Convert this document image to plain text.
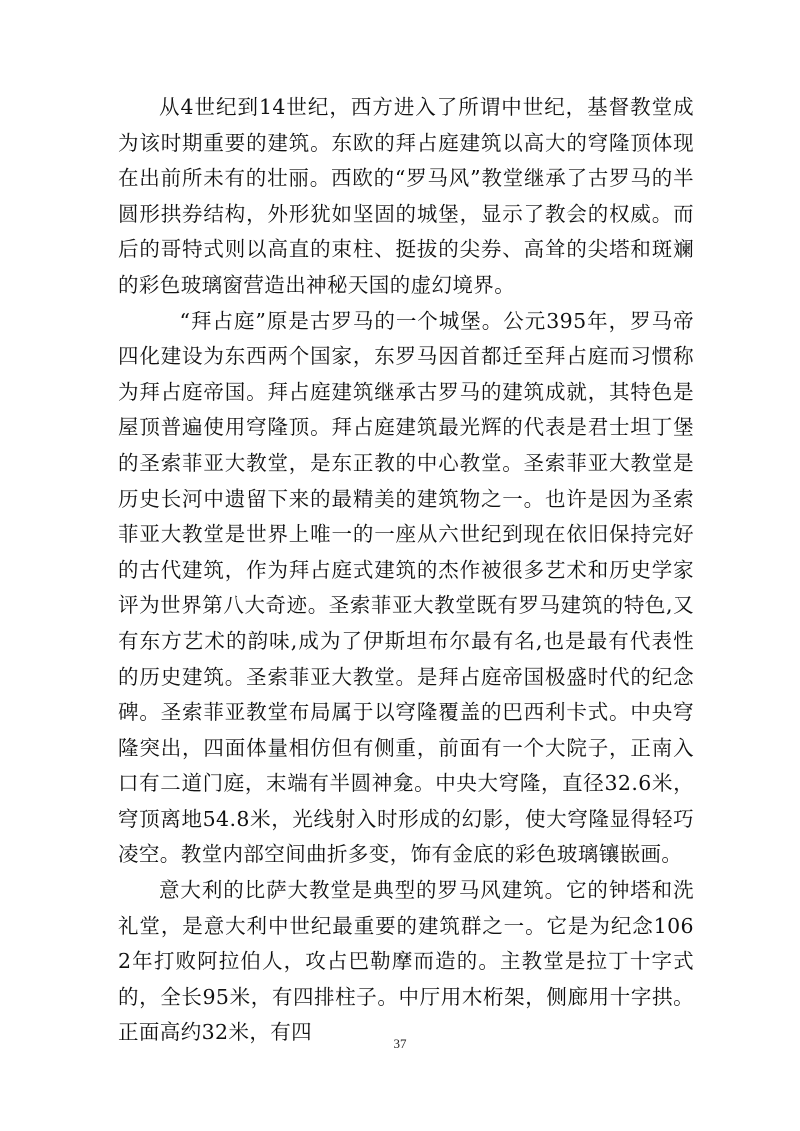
从4世纪到14世纪，西方进入了所谓中世纪，基督教堂成为该时期重要的建筑。东欧的拜占庭建筑以高大的穹隆顶体现在出前所未有的壮丽。西欧的“罗马风”教堂继承了古罗马的半圆形拱券结构，外形犹如坚固的城堡，显示了教会的权威。而后的哥特式则以高直的束柱、挺拔的尖券、高耸的尖塔和斑斓的彩色玻璃窗营造出神秘天国的虚幻境界。

“拜占庭”原是古罗马的一个城堡。公元395年，罗马帝四化建设为东西两个国家，东罗马因首都迁至拜占庭而习惯称为拜占庭帝国。拜占庭建筑继承古罗马的建筑成就，其特色是屋顶普遍使用穹隆顶。拜占庭建筑最光辉的代表是君士坦丁堡的圣索菲亚大教堂，是东正教的中心教堂。圣索菲亚大教堂是历史长河中遗留下来的最精美的建筑物之一。也许是因为圣索菲亚大教堂是世界上唯一的一座从六世纪到现在依旧保持完好的古代建筑，作为拜占庭式建筑的杰作被很多艺术和历史学家评为世界第八大奇迹。圣索菲亚大教堂既有罗马建筑的特色,又有东方艺术的韵味,成为了伊斯坦布尔最有名,也是最有代表性的历史建筑。圣索菲亚大教堂。是拜占庭帝国极盛时代的纪念碑。圣索菲亚教堂布局属于以穹隆覆盖的巴西利卡式。中央穹隆突出，四面体量相仿但有侧重，前面有一个大院子，正南入口有二道门庭，末端有半圆神龛。中央大穹隆，直径32.6米，穹顶离地54.8米，光线射入时形成的幻影，使大穹隆显得轻巧凌空。教堂内部空间曲折多变，饰有金底的彩色玻璃镶嵌画。

意大利的比萨大教堂是典型的罗马风建筑。它的钟塔和洗礼堂，是意大利中世纪最重要的建筑群之一。它是为纪念1062年打败阿拉伯人，攻占巴勒摩而造的。主教堂是拉丁十字式的，全长95米，有四排柱子。中厅用木桁架，侧廊用十字拱。正面高约32米，有四	37
